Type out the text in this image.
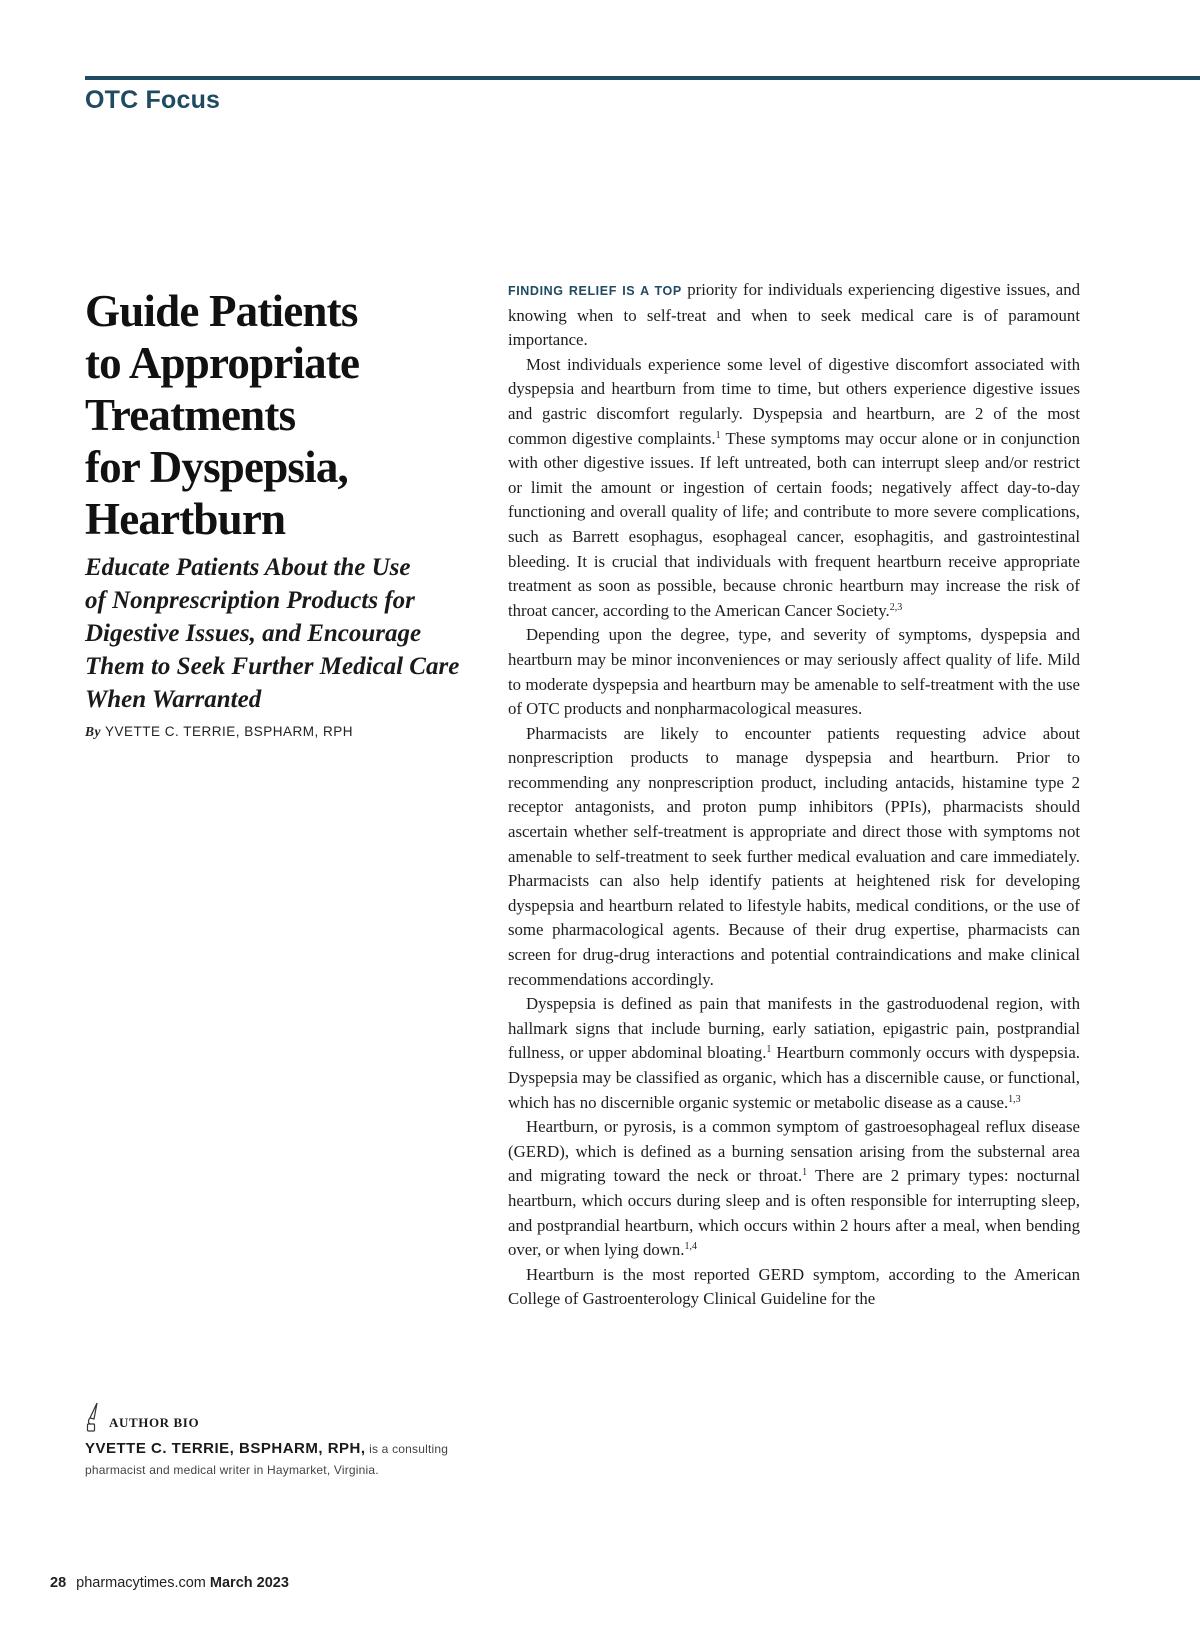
OTC Focus
Guide Patients
to Appropriate
Treatments
for Dyspepsia,
Heartburn
Educate Patients About the Use
of Nonprescription Products for
Digestive Issues, and Encourage
Them to Seek Further Medical Care
When Warranted
By YVETTE C. TERRIE, BSPHARM, RPH
AUTHOR BIO
YVETTE C. TERRIE, BSPHARM, RPH, is a consulting pharmacist and medical writer in Haymarket, Virginia.

FINDING RELIEF IS A TOP priority for individuals experiencing digestive issues, and knowing when to self-treat and when to seek medical care is of paramount importance.

Most individuals experience some level of digestive discomfort associated with dyspepsia and heartburn from time to time, but others experience digestive issues and gastric discomfort regularly. Dyspepsia and heartburn, are 2 of the most common digestive complaints.$^1$ These symptoms may occur alone or in conjunction with other digestive issues. If left untreated, both can interrupt sleep and/or restrict or limit the amount or ingestion of certain foods; negatively affect day-to-day functioning and overall quality of life; and contribute to more severe complications, such as Barrett esophagus, esophageal cancer, esophagitis, and gastrointestinal bleeding. It is crucial that individuals with frequent heartburn receive appropriate treatment as soon as possible, because chronic heartburn may increase the risk of throat cancer, according to the American Cancer Society.$^{2,3}$

Depending upon the degree, type, and severity of symptoms, dyspepsia and heartburn may be minor inconveniences or may seriously affect quality of life. Mild to moderate dyspepsia and heartburn may be amenable to self-treatment with the use of OTC products and nonpharmacological measures.

Pharmacists are likely to encounter patients requesting advice about nonprescription products to manage dyspepsia and heartburn. Prior to recommending any nonprescription product, including antacids, histamine type 2 receptor antagonists, and proton pump inhibitors (PPIs), pharmacists should ascertain whether self-treatment is appropriate and direct those with symptoms not amenable to self-treatment to seek further medical evaluation and care immediately. Pharmacists can also help identify patients at heightened risk for developing dyspepsia and heartburn related to lifestyle habits, medical conditions, or the use of some pharmacological agents. Because of their drug expertise, pharmacists can screen for drug-drug interactions and potential contraindications and make clinical recommendations accordingly.

Dyspepsia is defined as pain that manifests in the gastroduodenal region, with hallmark signs that include burning, early satiation, epigastric pain, postprandial fullness, or upper abdominal bloating.$^1$ Heartburn commonly occurs with dyspepsia. Dyspepsia may be classified as organic, which has a discernible cause, or functional, which has no discernible organic systemic or metabolic disease as a cause.$^{1,3}$

Heartburn, or pyrosis, is a common symptom of gastroesophageal reflux disease (GERD), which is defined as a burning sensation arising from the substernal area and migrating toward the neck or throat.$^1$ There are 2 primary types: nocturnal heartburn, which occurs during sleep and is often responsible for interrupting sleep, and postprandial heartburn, which occurs within 2 hours after a meal, when bending over, or when lying down.$^{1,4}$

Heartburn is the most reported GERD symptom, according to the American College of Gastroenterology Clinical Guideline for the

28 pharmacytimes.com March 2023
